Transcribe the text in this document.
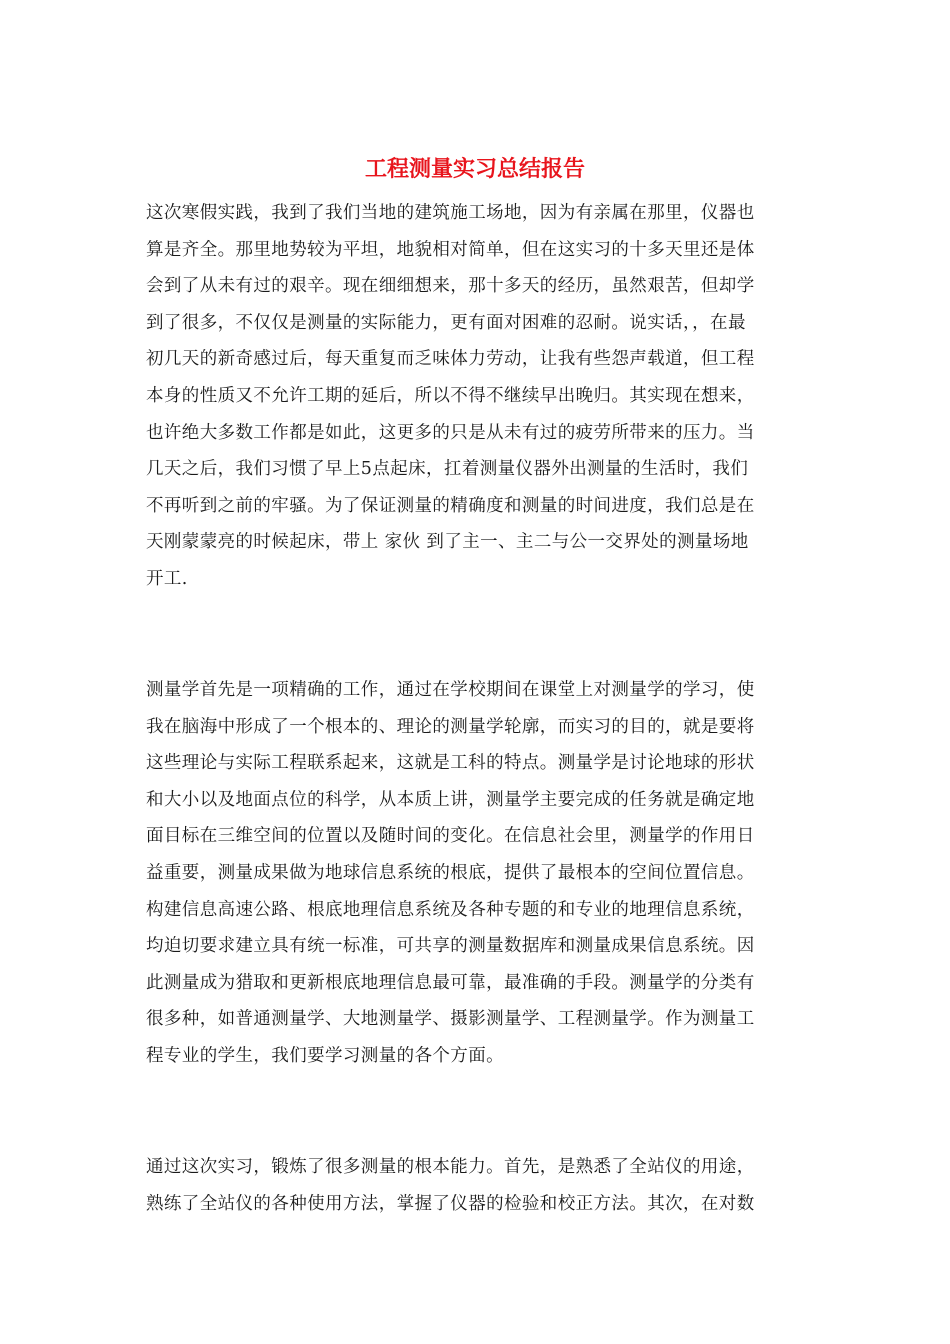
工程测量实习总结报告
这次寒假实践，我到了我们当地的建筑施工场地，因为有亲属在那里，仪器也
算是齐全。那里地势较为平坦，地貌相对简单，但在这实习的十多天里还是体
会到了从未有过的艰辛。现在细细想来，那十多天的经历，虽然艰苦，但却学
到了很多，不仅仅是测量的实际能力，更有面对困难的忍耐。说实话，，在最
初几天的新奇感过后，每天重复而乏味体力劳动，让我有些怨声载道，但工程
本身的性质又不允许工期的延后，所以不得不继续早出晚归。其实现在想来，
也许绝大多数工作都是如此，这更多的只是从未有过的疲劳所带来的压力。当
几天之后，我们习惯了早上5点起床，扛着测量仪器外出测量的生活时，我们
不再听到之前的牢骚。为了保证测量的精确度和测量的时间进度，我们总是在
天刚蒙蒙亮的时候起床，带上 家伙 到了主一、主二与公一交界处的测量场地
开工.
测量学首先是一项精确的工作，通过在学校期间在课堂上对测量学的学习，使
我在脑海中形成了一个根本的、理论的测量学轮廓，而实习的目的，就是要将
这些理论与实际工程联系起来，这就是工科的特点。测量学是讨论地球的形状
和大小以及地面点位的科学，从本质上讲，测量学主要完成的任务就是确定地
面目标在三维空间的位置以及随时间的变化。在信息社会里，测量学的作用日
益重要，测量成果做为地球信息系统的根底，提供了最根本的空间位置信息。
构建信息高速公路、根底地理信息系统及各种专题的和专业的地理信息系统，
均迫切要求建立具有统一标准，可共享的测量数据库和测量成果信息系统。因
此测量成为猎取和更新根底地理信息最可靠，最准确的手段。测量学的分类有
很多种，如普通测量学、大地测量学、摄影测量学、工程测量学。作为测量工
程专业的学生，我们要学习测量的各个方面。
通过这次实习，锻炼了很多测量的根本能力。首先，是熟悉了全站仪的用途，
熟练了全站仪的各种使用方法，掌握了仪器的检验和校正方法。其次，在对数
